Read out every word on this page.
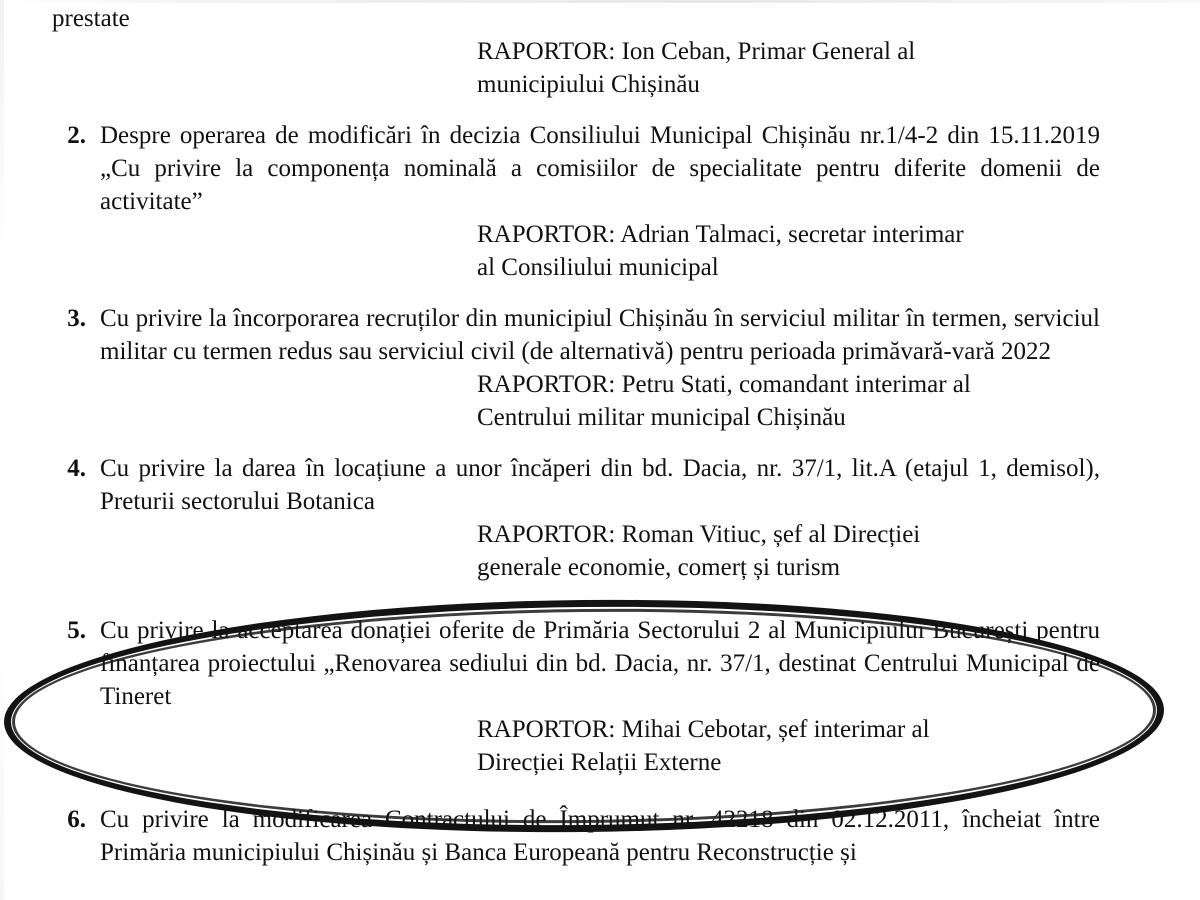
prestate

RAPORTOR: Ion Ceban, Primar General al
municipiului Chișinău
2. Despre operarea de modificări în decizia Consiliului Municipal Chișinău nr.1/4-2 din 15.11.2019 „Cu privire la componența nominală a comisiilor de specialitate pentru diferite domenii de activitate”
RAPORTOR: Adrian Talmaci, secretar interimar
al Consiliului municipal
3. Cu privire la încorporarea recruților din municipiul Chișinău în serviciul militar în termen, serviciul militar cu termen redus sau serviciul civil (de alternativă) pentru perioada primăvară-vară 2022
RAPORTOR: Petru Stati, comandant interimar al
Centrului militar municipal Chișinău
4. Cu privire la darea în locațiune a unor încăperi din bd. Dacia, nr. 37/1, lit.A (etajul 1, demisol), Preturii sectorului Botanica
RAPORTOR: Roman Vitiuc, șef al Direcției
generale economie, comerț și turism
5. Cu privire la acceptarea donației oferite de Primăria Sectorului 2 al Municipiului București pentru finanțarea proiectului „Renovarea sediului din bd. Dacia, nr. 37/1, destinat Centrului Municipal de Tineret
RAPORTOR: Mihai Cebotar, șef interimar al
Direcției Relații Externe
6. Cu privire la modificarea Contractului de Împrumut nr. 42218 din 02.12.2011, încheiat între Primăria municipiului Chișinău și Banca Europeană pentru Reconstrucție și
